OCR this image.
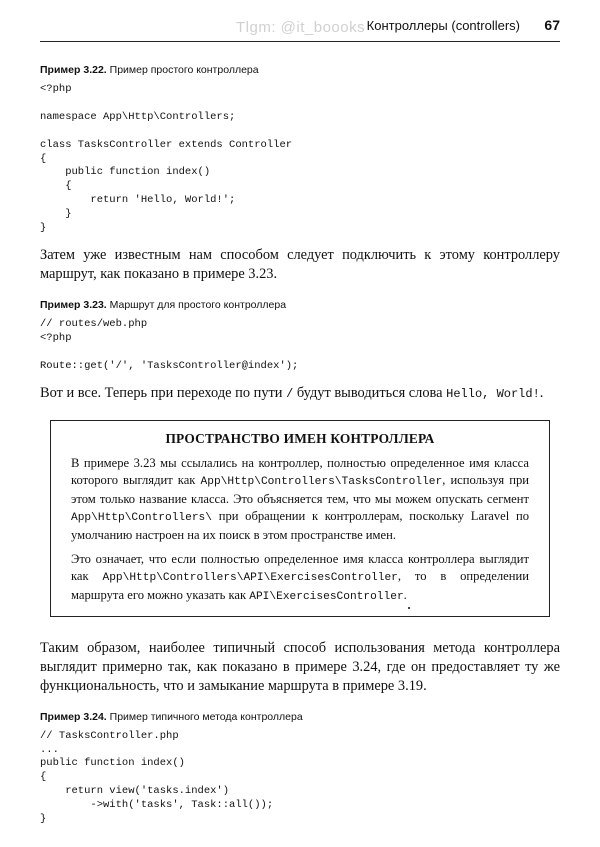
Tlgm: @it_boooks Контроллеры (controllers) 67

Пример 3.22. Пример простого контроллера

<?php

namespace App\Http\Controllers;

class TasksController extends Controller
{
public function index()
{
return 'Hello, World!';
}
}

Затем уже известным нам способом следует подключить к этому контроллеру маршрут, как показано в примере 3.23.

Пример 3.23. Маршрут для простого контроллера

// routes/web.php
<?php

Route::get('/', 'TasksController@index');

Вот и все. Теперь при переходе по пути / будут выводиться слова Hello, World!.

ПРОСТРАНСТВО ИМЕН КОНТРОЛЛЕРА

В примере 3.23 мы ссылались на контроллер, полностью определенное имя класса которого выглядит как App\Http\Controllers\TasksController, используя при этом только название класса. Это объясняется тем, что мы можем опускать сегмент App\Http\Controllers\ при обращении к контроллерам, поскольку Laravel по умолчанию настроен на их поиск в этом пространстве имен.

Это означает, что если полностью определенное имя класса контроллера выглядит как App\Http\Controllers\API\ExercisesController, то в определении маршрута его можно указать как API\ExercisesController.

Таким образом, наиболее типичный способ использования метода контроллера выглядит примерно так, как показано в примере 3.24, где он предоставляет ту же функциональность, что и замыкание маршрута в примере 3.19.

Пример 3.24. Пример типичного метода контроллера

// TasksController.php
...
public function index()
{
return view('tasks.index')
->with('tasks', Task::all());
}
